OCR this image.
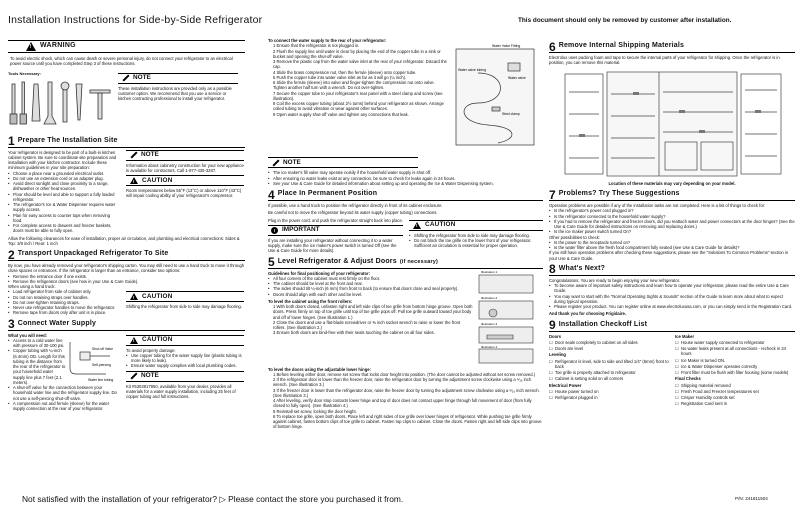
Installation Instructions for Side-by-Side Refrigerator	This document should only be removed by customer after installation.
!
WARNING
To avoid electric shock, which can cause death or severe personal injury, do not connect your refrigerator to an electrical power source until you have completed Step 3 of these instructions.
Tools Necessary:
NOTE
These installation instructions are provided only as a possible customer option. We recommend that you use a service or kitchen contracting professional to install your refrigerator.
1 Prepare The Installation Site
Your refrigerator is designed to be part of a built-in kitchen cabinet system. Be sure to coordinate site preparation and installation with your kitchen contractor. Include these minimum guidelines in your site preparation:
• Choose a place near a grounded electrical outlet.
• Do not use an extension cord or an adapter plug.
• Avoid direct sunlight and close proximity to a range, dishwasher or other heat sources.
• Floor should be level and able to support a fully loaded refrigerator.
• The refrigerator's Ice & Water Dispenser requires water supply access.
• Plan for easy access to counter tops when removing food.
• For complete access to drawers and freezer baskets, doors must be able to fully open.
NOTE
Information about cabinetry construction for your new appliance is available for contractors. Call 1-877-435-3287.
!
CAUTION
Room temperatures below 55°F (13°C) or above 110°F (43°C) will impair cooling ability of your refrigerator's compressor.
Allow the following clearances for ease of installation, proper air circulation, and plumbing and electrical connections: Sides & Top: 3/8 inch / Rear: 1 inch
2 Transport Unpackaged Refrigerator To Site
By now, you have already removed your refrigerator's shipping carton. You may still need to use a hand truck to move it through close spaces or entrances. If the refrigerator is larger than an entrance, consider two options:
• Remove the entrance door if one exists.
• Remove the refrigerator doors (see how in your Use & Care Guide).
When using a hand truck:
• Load refrigerator from side of cabinet only.
• Do not run retaining straps over handles.
• Do not over-tighten retaining straps.
• Never use refrigerator handles to move the refrigerator.
• Remove tape from doors only after unit is in place.
!
CAUTION
Shifting the refrigerator from side to side may damage flooring.
3 Connect Water Supply
What you will need:
• Access to a cold water line with pressure of 30-100 psi.
• Copper tubing with ¼-inch (6.4mm) OD. Length for this tubing is the distance from the rear of the refrigerator to your household water supply line plus 7 feet (2.1 meters).
Shut-off Valve
Water line tubing
Self-piercing
• A shut-off valve for the connection between your household water line and the refrigerator supply line. Do not use a self-piercing shut-off valve.
• A compression nut and ferrule (sleeve) for the water supply connection at the rear of your refrigerator.
!
CAUTION
To avoid property damage:
• Use copper tubing for the water supply line (plastic tubing is more likely to leak).
• Ensure water supply complies with local plumbing codes.
NOTE
Kit #5303917950, available from your dealer, provides all materials for a water supply installation, including 25 feet of copper tubing and full instructions.
To connect the water supply to the rear of your refrigerator:
1 Ensure that the refrigerator is not plugged in.
2 Flush the supply line until water is clear by placing the end of the copper tube in a sink or bucket and opening the shut-off valve.
3 Remove the plastic cap from the water valve inlet at the rear of your refrigerator. Discard the cap.
4 Slide the brass compression nut, then the ferrule (sleeve) onto copper tube.
5 Push the copper tube into water valve inlet as far as it will go (¼ inch).
6 Slide the ferrule (sleeve) into valve and finger-tighten the compression nut onto valve. Tighten another half turn with a wrench. Do not over-tighten.
7 Secure the copper tube to your refrigerator's rear panel with a steel clamp and screw (see illustration).
8 Coil the excess copper tubing (about 2½ turns) behind your refrigerator as shown. Arrange coiled tubing to avoid vibration or wear against other surfaces.
9 Open water supply shut-off valve and tighten any connections that leak.
Water Valve Fitting
Water valve tubing
Steel clamp
Water valve
NOTE
• The ice maker's fill valve may operate noisily if the household water supply is shut off.
• After ensuring no water leaks exist at any connection, be sure to check for leaks again in 24 hours.
• See your Use & Care Guide for detailed information about setting up and operating the Ice & Water Dispensing system.
4 Place In Permanent Position
If possible, use a hand truck to position the refrigerator directly in front of its cabinet enclosure.
Be careful not to move the refrigerator beyond its water supply (copper tubing) connections.
Plug in the power cord, and push the refrigerator straight back into place.
!	IMPORTANT
If you are installing your refrigerator without connecting it to a water supply, make sure the ice maker's power switch is turned Off (see the Use & Care Guide for more details).
!
CAUTION
• Shifting the refrigerator from side to side may damage flooring.
• Do not block the toe grille on the lower front of your refrigerator. Sufficient air circulation is essential for proper operation.
5 Level Refrigerator & Adjust Doors (if necessary)
Guidelines for final positioning of your refrigerator:
• All four corners of the cabinet must rest firmly on the floor.
• The cabinet should be level at the front and rear.
• The sides should tilt ¼-inch (6 mm) from front to back (to ensure that doors close and seal properly).
• Doors should align with each other and be level.
To level the cabinet using the front rollers:
1 With both doors closed, unfasten right and left side clips of toe grille from bottom hinge groove. Open both doors. Press firmly on top of toe grille until top of toe grille pops off. Pull toe grille outward toward your body and off of lower hinges. (See Illustration 1.)
2 Close the doors and use a flat-blade screwdriver or ⅜ inch socket wrench to raise or lower the front rollers. (See Illustration 2.)
3 Ensure both doors are bind-free with their seals touching the cabinet on all four sides.
Illustration 1
Illustration 2
Illustration 3
Illustration 4
To level the doors using the adjustable lower hinge:
1 Before leveling either door, remove set screw that locks door height into position. (The door cannot be adjusted without set screw removed.)
2 If the refrigerator door is lower than the freezer door, raise the refrigerator door by turning the adjustment screw clockwise using a ⁵⁄₁₆ inch wrench. (See Illustration 3.)
3 If the freezer door is lower than the refrigerator door, raise the freezer door by turning the adjustment screw clockwise using a ⁵⁄₁₆ inch wrench. (See Illustration 3.)
4 After leveling, verify door stop contacts lower hinge and top of door does not contact upper hinge through full movement of door (from fully closed to fully open). (See Illustration 4.)
5 Reinstall set screw, locking the door height.
6 To replace toe grille, open both doors. Place left and right sides of toe grille over lower hinges of refrigerator. While pushing toe grille firmly against cabinet, fasten bottom clips of toe grille to cabinet. Fasten top clips to cabinet. Close the doors. Fasten right and left side clips into groove of bottom hinge.
6 Remove Internal Shipping Materials
Electrolux uses packing foam and tape to secure the internal parts of your refrigerator for shipping. Once the refrigerator is in position, you can remove this material.
Location of these materials may vary depending on your model.
7 Problems? Try These Suggestions
Operation problems are possible if any of the installation tasks are not completed. Here is a list of things to check for:
• Is the refrigerator's power cord plugged in?
• Is the refrigerator connected to the household water supply?
• If you had to remove the refrigerator and freezer doors, did you reattach water and power connectors at the door hinges? (See the Use & Care Guide for detailed instructions on removing and replacing doors.)
• Is the ice maker power switch turned On?
Other possibilities to check:
• Is the power to the receptacle turned on?
• Is the water filter above the fresh food compartment fully seated (see Use & Care Guide for details)?
If you still have operation problems after checking these suggestions, please see the "Solutions To Common Problems" section in your Use & Care Guide.
8 What's Next?
Congratulations. You are ready to begin enjoying your new refrigerator.
• To become aware of important safety instructions and learn how to operate your refrigerator, please read the entire Use & Care Guide.
• You may want to start with the "Normal Operating Sights & Sounds" section of the Guide to learn more about what to expect during typical operation.
• Please register your product. You can register online at www.electroluxusa.com, or you can simply send in the Registration Card.
And thank you for choosing Frigidaire.
9 Installation Checkoff List
Doors
☐ Door seals completely to cabinet on all sides
☐ Doors are level
Leveling
☐ Refrigerator is level, side to side and tilted 1/4" (6mm) front to back
☐ Toe grille is properly attached to refrigerator
☐ Cabinet is setting solid on all corners
Electrical Power
☐ House power turned on
☐ Refrigerator plugged in
Ice Maker
☐ House water supply connected to refrigerator
☐ No water leaks present at all connections - recheck in 24 hours
☐ Ice Maker is turned ON.
☐ Ice & Water Dispenser operates correctly
☐ Front filter must be flush with filter housing (some models)
Final Checks
☐ Shipping material removed
☐ Fresh Food and Freezer temperatures set
☐ Crisper Humidity controls set
☐ Registration Card sent in
Not satisfied with the installation of your refrigerator? ▷ Please contact the store you purchased it from.	P/N: 241811504
